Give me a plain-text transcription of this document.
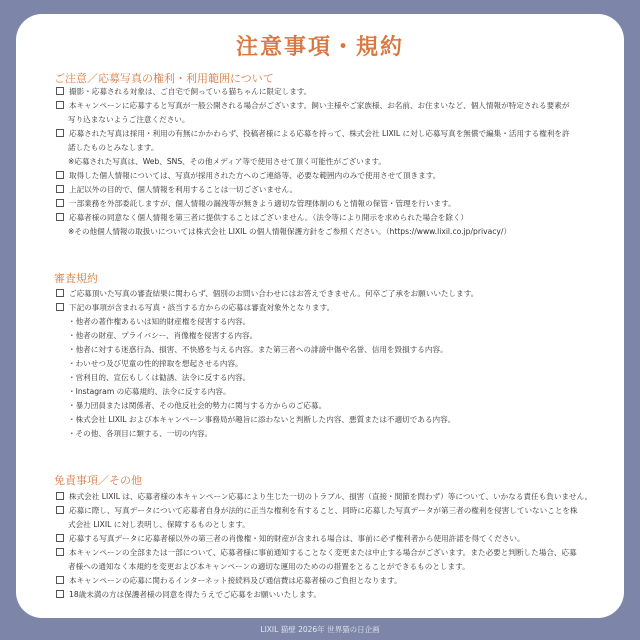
注意事項・規約
ご注意／応募写真の権利・利用範囲について
撮影・応募される対象は、ご自宅で飼っている猫ちゃんに限定します。
本キャンペーンに応募すると写真が一般公開される場合がございます。飼い主様やご家族様、お名前、お住まいなど、個人情報が特定される要素が
写り込まないようご注意ください。
応募された写真は採用・利用の有無にかかわらず、投稿者様による応募を持って、株式会社 LIXIL に対し応募写真を無償で編集・活用する権利を許
諾したものとみなします。
※応募された写真は、Web、SNS、その他メディア等で使用させて頂く可能性がございます。
取得した個人情報については、写真が採用された方へのご連絡等、必要な範囲内のみで使用させて頂きます。
上記以外の目的で、個人情報を利用することは一切ございません。
一部業務を外部委託しますが、個人情報の漏洩等が無きよう適切な管理体制のもと情報の保管・管理を行います。
応募者様の同意なく個人情報を第三者に提供することはございません。（法令等により開示を求められた場合を除く）
※その他個人情報の取扱いについては株式会社 LIXIL の個人情報保護方針をご参照ください。（https://www.lixil.co.jp/privacy/）
審査規約
ご応募頂いた写真の審査結果に関わらず、個別のお問い合わせにはお答えできません。何卒ご了承をお願いいたします。
下記の事項が含まれる写真・該当する方からの応募は審査対象外となります。
・他者の著作権あるいは知的財産権を侵害する内容。
・他者の財産、プライバシー、肖像権を侵害する内容。
・他者に対する迷惑行為、損害、不快感を与える内容。また第三者への誹謗中傷や名誉、信用を毀損する内容。
・わいせつ及び児童の性的搾取を想起させる内容。
・営利目的、宣伝もしくは勧誘、法令に反する内容。
・Instagram の応募規約、法令に反する内容。
・暴力団員または関係者、その他反社会的勢力に関与する方からのご応募。
・株式会社 LIXIL および本キャンペーン事務局が趣旨に添わないと判断した内容、悪質または不適切である内容。
・その他、各項目に類する、一切の内容。
免責事項／その他
株式会社 LIXIL は、応募者様の本キャンペーン応募により生じた一切のトラブル、損害（直接・間節を問わず）等について、いかなる責任も負いません。
応募に際し、写真データについて応募者自身が法的に正当な権利を有すること、同時に応募した写真データが第三者の権利を侵害していないことを株
式会社 LIXIL に対し表明し、保障するものとします。
応募する写真データに応募者様以外の第三者の肖像権・知的財産が含まれる場合は、事前に必ず権利者から使用許諾を得てください。
本キャンペーンの全部または一部について、応募者様に事前通知することなく変更または中止する場合がございます。また必要と判断した場合、応募
者様への通知なく本規約を変更および本キャンペーンの適切な運用のためのの措置をとることができるものとします。
本キャンペーンの応募に関わるインターネット接続料及び通信費は応募者様のご負担となります。
18歳未満の方は保護者様の同意を得たうえでご応募をお願いいたします。
LIXIL 猫壁 2026年 世界猫の日企画
